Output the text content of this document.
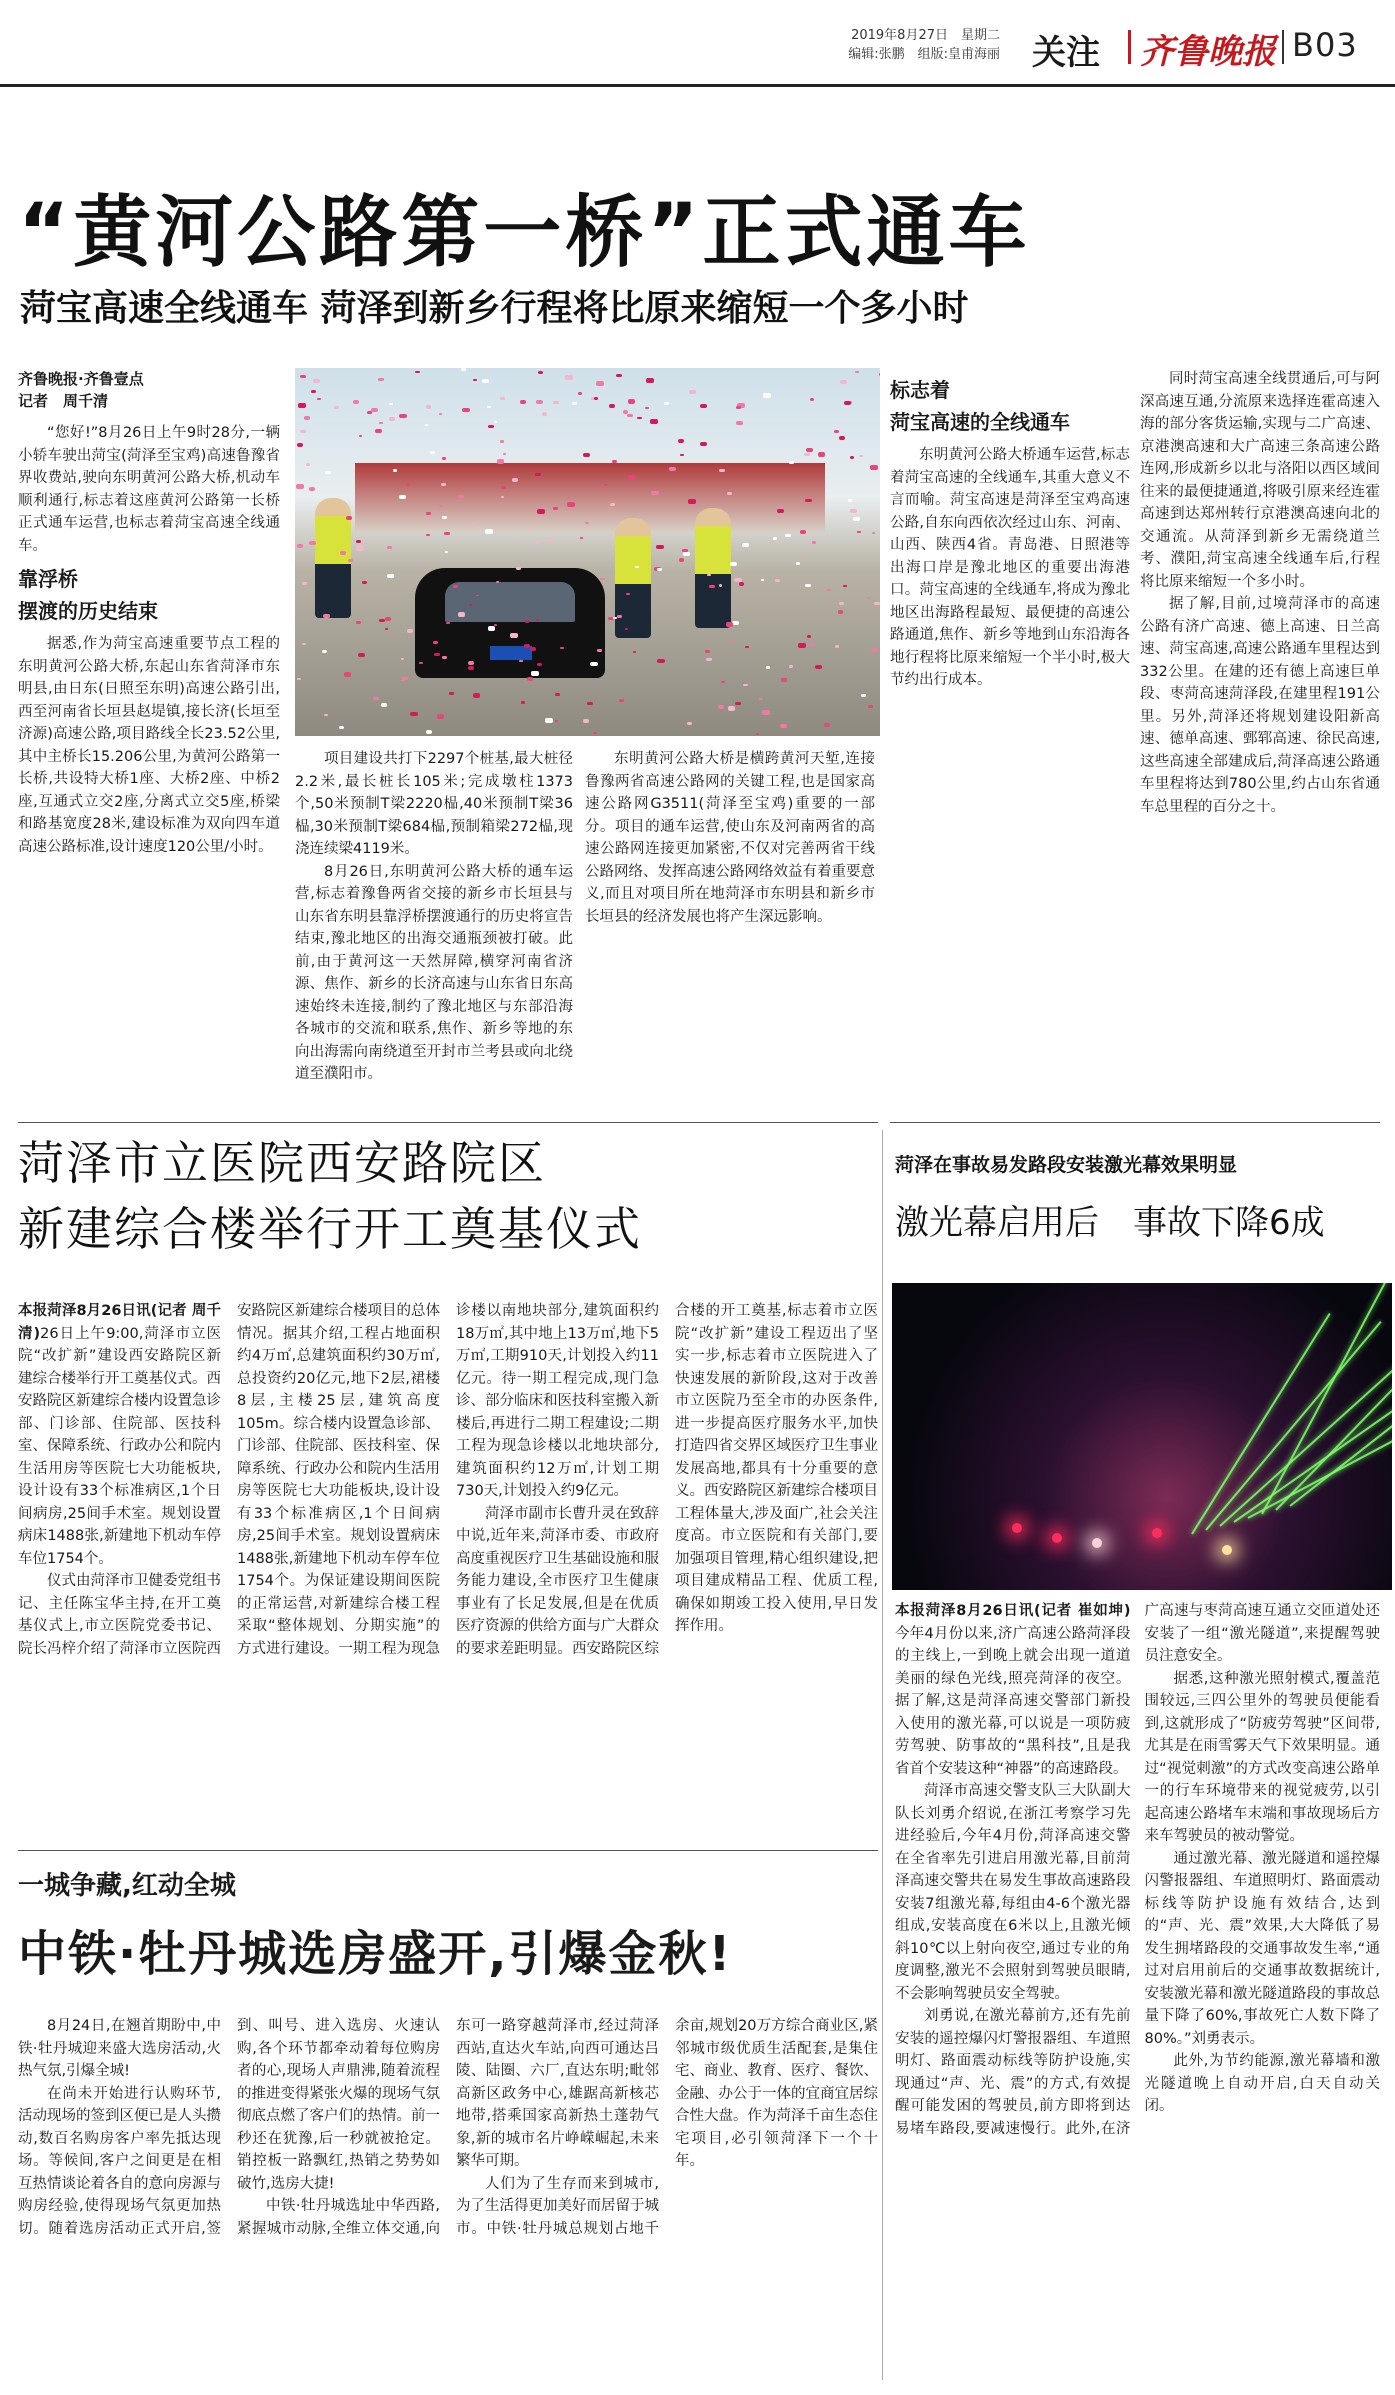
2019年8月27日　星期二
编辑:张鹏　组版:皇甫海丽 关注 齐鲁晚报 B03
“黄河公路第一桥”正式通车
菏宝高速全线通车 菏泽到新乡行程将比原来缩短一个多小时

齐鲁晚报·齐鲁壹点

记者　周千清

“您好!”8月26日上午9时28分,一辆小轿车驶出菏宝(菏泽至宝鸡)高速鲁豫省界收费站,驶向东明黄河公路大桥,机动车顺利通行,标志着这座黄河公路第一长桥正式通车运营,也标志着菏宝高速全线通车。

靠浮桥

摆渡的历史结束

据悉,作为菏宝高速重要节点工程的东明黄河公路大桥,东起山东省菏泽市东明县,由日东(日照至东明)高速公路引出,西至河南省长垣县赵堤镇,接长济(长垣至济源)高速公路,项目路线全长23.52公里,其中主桥长15.206公里,为黄河公路第一长桥,共设特大桥1座、大桥2座、中桥2座,互通式立交2座,分离式立交5座,桥梁和路基宽度28米,建设标准为双向四车道高速公路标准,设计速度120公里/小时。

项目建设共打下2297个桩基,最大桩径2.2米,最长桩长105米;完成墩柱1373个,50米预制T梁2220榀,40米预制T梁36榀,30米预制T梁684榀,预制箱梁272榀,现浇连续梁4119米。

8月26日,东明黄河公路大桥的通车运营,标志着豫鲁两省交接的新乡市长垣县与山东省东明县靠浮桥摆渡通行的历史将宣告结束,豫北地区的出海交通瓶颈被打破。此前,由于黄河这一天然屏障,横穿河南省济源、焦作、新乡的长济高速与山东省日东高速始终未连接,制约了豫北地区与东部沿海各城市的交流和联系,焦作、新乡等地的东向出海需向南绕道至开封市兰考县或向北绕道至濮阳市。

东明黄河公路大桥是横跨黄河天堑,连接鲁豫两省高速公路网的关键工程,也是国家高速公路网G3511(菏泽至宝鸡)重要的一部分。项目的通车运营,使山东及河南两省的高速公路网连接更加紧密,不仅对完善两省干线公路网络、发挥高速公路网络效益有着重要意义,而且对项目所在地菏泽市东明县和新乡市长垣县的经济发展也将产生深远影响。

标志着

菏宝高速的全线通车

东明黄河公路大桥通车运营,标志着菏宝高速的全线通车,其重大意义不言而喻。菏宝高速是菏泽至宝鸡高速公路,自东向西依次经过山东、河南、山西、陕西4省。青岛港、日照港等出海口岸是豫北地区的重要出海港口。菏宝高速的全线通车,将成为豫北地区出海路程最短、最便捷的高速公路通道,焦作、新乡等地到山东沿海各地行程将比原来缩短一个半小时,极大节约出行成本。

同时菏宝高速全线贯通后,可与阿深高速互通,分流原来选择连霍高速入海的部分客货运输,实现与二广高速、京港澳高速和大广高速三条高速公路连网,形成新乡以北与洛阳以西区域间往来的最便捷通道,将吸引原来经连霍高速到达郑州转行京港澳高速向北的交通流。从菏泽到新乡无需绕道兰考、濮阳,菏宝高速全线通车后,行程将比原来缩短一个多小时。

据了解,目前,过境菏泽市的高速公路有济广高速、德上高速、日兰高速、菏宝高速,高速公路通车里程达到332公里。在建的还有德上高速巨单段、枣菏高速菏泽段,在建里程191公里。另外,菏泽还将规划建设阳新高速、德单高速、鄄郓高速、徐民高速,这些高速全部建成后,菏泽高速公路通车里程将达到780公里,约占山东省通车总里程的百分之十。

菏泽市立医院西安路院区
新建综合楼举行开工奠基仪式

本报菏泽8月26日讯(记者 周千清)26日上午9:00,菏泽市立医院“改扩新”建设西安路院区新建综合楼举行开工奠基仪式。西安路院区新建综合楼内设置急诊部、门诊部、住院部、医技科室、保障系统、行政办公和院内生活用房等医院七大功能板块,设计设有33个标准病区,1个日间病房,25间手术室。规划设置病床1488张,新建地下机动车停车位1754个。

仪式由菏泽市卫健委党组书记、主任陈宝华主持,在开工奠基仪式上,市立医院党委书记、院长冯梓介绍了菏泽市立医院西安路院区新建综合楼项目的总体情况。据其介绍,工程占地面积约4万㎡,总建筑面积约30万㎡,总投资约20亿元,地下2层,裙楼8层,主楼25层,建筑高度105m。综合楼内设置急诊部、门诊部、住院部、医技科室、保障系统、行政办公和院内生活用房等医院七大功能板块,设计设有33个标准病区,1个日间病房,25间手术室。规划设置病床1488张,新建地下机动车停车位1754个。为保证建设期间医院的正常运营,对新建综合楼工程采取“整体规划、分期实施”的方式进行建设。一期工程为现急诊楼以南地块部分,建筑面积约18万㎡,其中地上13万㎡,地下5万㎡,工期910天,计划投入约11亿元。待一期工程完成,现门急诊、部分临床和医技科室搬入新楼后,再进行二期工程建设;二期工程为现急诊楼以北地块部分,建筑面积约12万㎡,计划工期730天,计划投入约9亿元。

菏泽市副市长曹升灵在致辞中说,近年来,菏泽市委、市政府高度重视医疗卫生基础设施和服务能力建设,全市医疗卫生健康事业有了长足发展,但是在优质医疗资源的供给方面与广大群众的要求差距明显。西安路院区综合楼的开工奠基,标志着市立医院“改扩新”建设工程迈出了坚实一步,标志着市立医院进入了快速发展的新阶段,这对于改善市立医院乃至全市的办医条件,进一步提高医疗服务水平,加快打造四省交界区域医疗卫生事业发展高地,都具有十分重要的意义。西安路院区新建综合楼项目工程体量大,涉及面广,社会关注度高。市立医院和有关部门,要加强项目管理,精心组织建设,把项目建成精品工程、优质工程,确保如期竣工投入使用,早日发挥作用。

菏泽在事故易发路段安装激光幕效果明显
激光幕启用后　事故下降6成

本报菏泽8月26日讯(记者 崔如坤)今年4月份以来,济广高速公路菏泽段的主线上,一到晚上就会出现一道道美丽的绿色光线,照亮菏泽的夜空。据了解,这是菏泽高速交警部门新投入使用的激光幕,可以说是一项防疲劳驾驶、防事故的“黑科技”,且是我省首个安装这种“神器”的高速路段。

菏泽市高速交警支队三大队副大队长刘勇介绍说,在浙江考察学习先进经验后,今年4月份,菏泽高速交警在全省率先引进启用激光幕,目前菏泽高速交警共在易发生事故高速路段安装7组激光幕,每组由4-6个激光器组成,安装高度在6米以上,且激光倾斜10℃以上射向夜空,通过专业的角度调整,激光不会照射到驾驶员眼睛,不会影响驾驶员安全驾驶。

刘勇说,在激光幕前方,还有先前安装的遥控爆闪灯警报器组、车道照明灯、路面震动标线等防护设施,实现通过“声、光、震”的方式,有效提醒可能发困的驾驶员,前方即将到达易堵车路段,要减速慢行。此外,在济广高速与枣菏高速互通立交匝道处还安装了一组“激光隧道”,来提醒驾驶员注意安全。

据悉,这种激光照射模式,覆盖范围较远,三四公里外的驾驶员便能看到,这就形成了“防疲劳驾驶”区间带,尤其是在雨雪雾天气下效果明显。通过“视觉刺激”的方式改变高速公路单一的行车环境带来的视觉疲劳,以引起高速公路堵车末端和事故现场后方来车驾驶员的被动警觉。

通过激光幕、激光隧道和遥控爆闪警报器组、车道照明灯、路面震动标线等防护设施有效结合,达到的“声、光、震”效果,大大降低了易发生拥堵路段的交通事故发生率,“通过对启用前后的交通事故数据统计,安装激光幕和激光隧道路段的事故总量下降了60%,事故死亡人数下降了80%。”刘勇表示。

此外,为节约能源,激光幕墙和激光隧道晚上自动开启,白天自动关闭。

一城争藏,红动全城
中铁·牡丹城选房盛开,引爆金秋!

8月24日,在翘首期盼中,中铁·牡丹城迎来盛大选房活动,火热气氛,引爆全城!

在尚未开始进行认购环节,活动现场的签到区便已是人头攒动,数百名购房客户率先抵达现场。等候间,客户之间更是在相互热情谈论着各自的意向房源与购房经验,使得现场气氛更加热切。随着选房活动正式开启,签到、叫号、进入选房、火速认购,各个环节都牵动着每位购房者的心,现场人声鼎沸,随着流程的推进变得紧张火爆的现场气氛彻底点燃了客户们的热情。前一秒还在犹豫,后一秒就被抢定。销控板一路飘红,热销之势势如破竹,选房大捷!

中铁·牡丹城选址中华西路,紧握城市动脉,全维立体交通,向东可一路穿越菏泽市,经过菏泽西站,直达火车站,向西可通达吕陵、陆圈、六厂,直达东明;毗邻高新区政务中心,雄踞高新核芯地带,搭乘国家高新热土蓬勃气象,新的城市名片峥嵘崛起,未来繁华可期。

人们为了生存而来到城市,为了生活得更加美好而居留于城市。中铁·牡丹城总规划占地千余亩,规划20万方综合商业区,紧邻城市级优质生活配套,是集住宅、商业、教育、医疗、餐饮、金融、办公于一体的宜商宜居综合性大盘。作为菏泽千亩生态住宅项目,必引领菏泽下一个十年。
